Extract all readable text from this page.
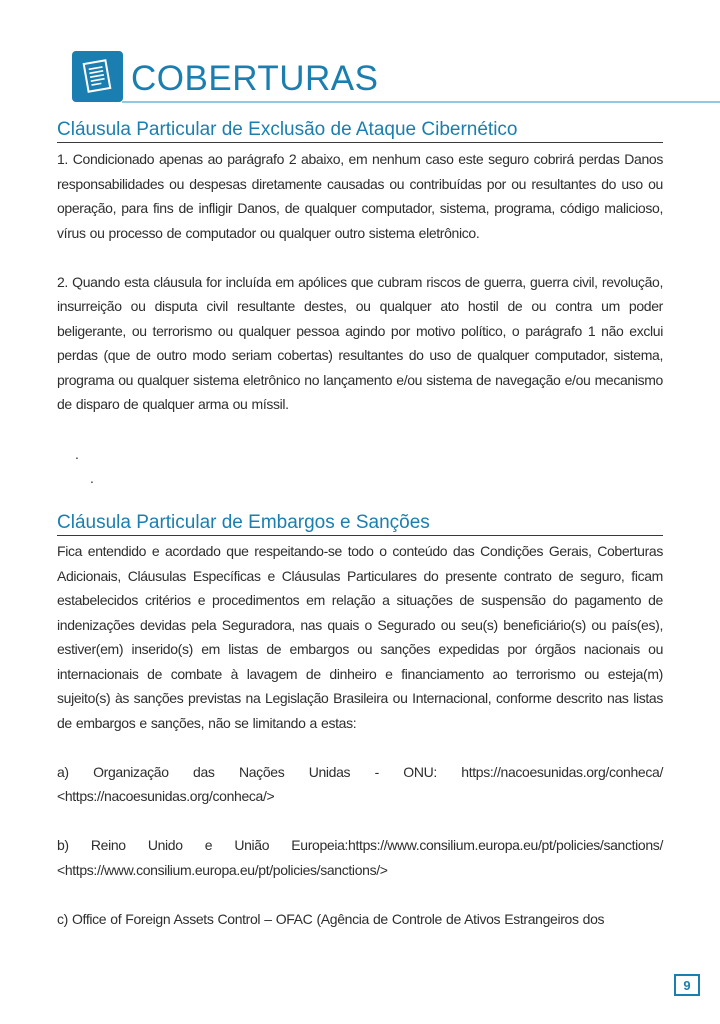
COBERTURAS
Cláusula Particular de Exclusão de Ataque Cibernético

1. Condicionado apenas ao parágrafo 2 abaixo, em nenhum caso este seguro cobrirá perdas Danos responsabilidades ou despesas diretamente causadas ou contribuídas por ou resultantes do uso ou operação, para fins de infligir Danos, de qualquer computador, sistema, programa, código malicioso, vírus ou processo de computador ou qualquer outro sistema eletrônico.

2. Quando esta cláusula for incluída em apólices que cubram riscos de guerra, guerra civil, revolução, insurreição ou disputa civil resultante destes, ou qualquer ato hostil de ou contra um poder beligerante, ou terrorismo ou qualquer pessoa agindo por motivo político, o parágrafo 1 não exclui perdas (que de outro modo seriam cobertas) resultantes do uso de qualquer computador, sistema, programa ou qualquer sistema eletrônico no lançamento e/ou sistema de navegação e/ou mecanismo de disparo de qualquer arma ou míssil.

.
.
Cláusula Particular de Embargos e Sanções

Fica entendido e acordado que respeitando-se todo o conteúdo das Condições Gerais, Coberturas Adicionais, Cláusulas Específicas e Cláusulas Particulares do presente contrato de seguro, ficam estabelecidos critérios e procedimentos em relação a situações de suspensão do pagamento de indenizações devidas pela Seguradora, nas quais o Segurado ou seu(s) beneficiário(s) ou país(es), estiver(em) inserido(s) em listas de embargos ou sanções expedidas por órgãos nacionais ou internacionais de combate à lavagem de dinheiro e financiamento ao terrorismo ou esteja(m) sujeito(s) às sanções previstas na Legislação Brasileira ou Internacional, conforme descrito nas listas de embargos e sanções, não se limitando a estas:

a) Organização das Nações Unidas - ONU: https://nacoesunidas.org/conheca/ <https://nacoesunidas.org/conheca/>

b) Reino Unido e União Europeia:https://www.consilium.europa.eu/pt/policies/sanctions/ <https://www.consilium.europa.eu/pt/policies/sanctions/>

c) Office of Foreign Assets Control – OFAC (Agência de Controle de Ativos Estrangeiros dos

9
